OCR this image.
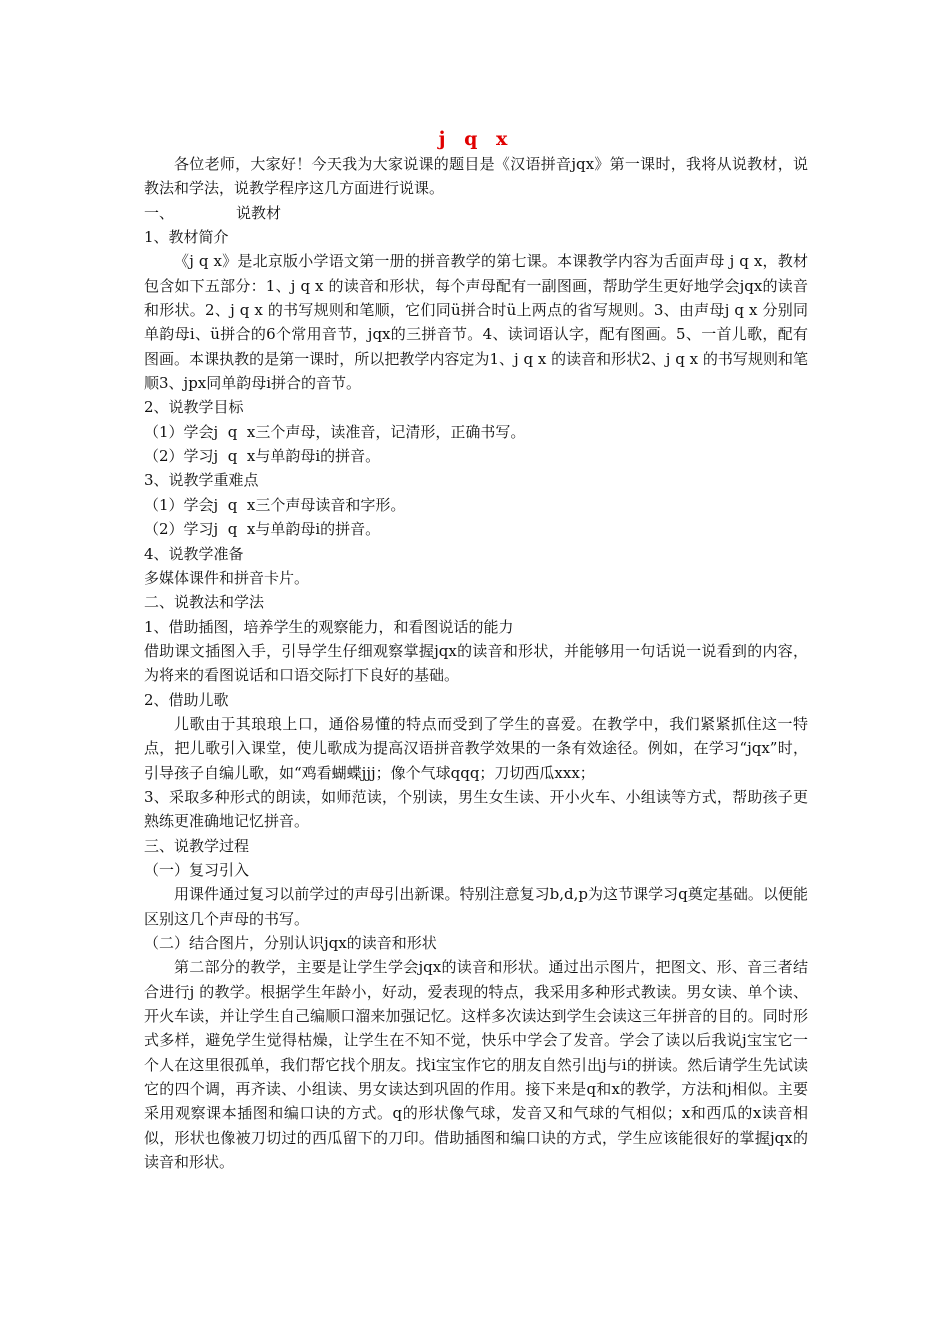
j q x

各位老师，大家好！今天我为大家说课的题目是《汉语拼音jqx》第一课时，我将从说教材，说教法和学法，说教学程序这几方面进行说课。

一、             说教材

1、教材简介

《j q x》是北京版小学语文第一册的拼音教学的第七课。本课教学内容为舌面声母 j q x，教材包含如下五部分：1、j q x 的读音和形状，每个声母配有一副图画，帮助学生更好地学会jqx的读音和形状。2、j q x 的书写规则和笔顺，它们同ü拼合时ü上两点的省写规则。3、由声母j q x 分别同单韵母i、ü拼合的6个常用音节，jqx的三拼音节。4、读词语认字，配有图画。5、一首儿歌，配有图画。本课执教的是第一课时，所以把教学内容定为1、j q x 的读音和形状2、j q x 的书写规则和笔顺3、jpx同单韵母i拼合的音节。

2、说教学目标

（1）学会j  q  x三个声母，读准音，记清形，正确书写。

（2）学习j  q  x与单韵母i的拼音。

3、说教学重难点

（1）学会j  q  x三个声母读音和字形。

（2）学习j  q  x与单韵母i的拼音。

4、说教学准备

多媒体课件和拼音卡片。

二、说教法和学法

1、借助插图，培养学生的观察能力，和看图说话的能力

借助课文插图入手，引导学生仔细观察掌握jqx的读音和形状，并能够用一句话说一说看到的内容，为将来的看图说话和口语交际打下良好的基础。

2、借助儿歌

儿歌由于其琅琅上口，通俗易懂的特点而受到了学生的喜爱。在教学中，我们紧紧抓住这一特点，把儿歌引入课堂，使儿歌成为提高汉语拼音教学效果的一条有效途径。例如，在学习“jqx”时，引导孩子自编儿歌，如“鸡看蝴蝶jjj；像个气球qqq；刀切西瓜xxx；

3、采取多种形式的朗读，如师范读，个别读，男生女生读、开小火车、小组读等方式，帮助孩子更熟练更准确地记忆拼音。

三、说教学过程

（一）复习引入

用课件通过复习以前学过的声母引出新课。特别注意复习b,d,p为这节课学习q奠定基础。以便能区别这几个声母的书写。

（二）结合图片，分别认识jqx的读音和形状

第二部分的教学，主要是让学生学会jqx的读音和形状。通过出示图片，把图文、形、音三者结合进行j 的教学。根据学生年龄小，好动，爱表现的特点，我采用多种形式教读。男女读、单个读、开火车读，并让学生自己编顺口溜来加强记忆。这样多次读达到学生会读这三年拼音的目的。同时形式多样，避免学生觉得枯燥，让学生在不知不觉，快乐中学会了发音。学会了读以后我说j宝宝它一个人在这里很孤单，我们帮它找个朋友。找i宝宝作它的朋友自然引出j与i的拼读。然后请学生先试读它的四个调，再齐读、小组读、男女读达到巩固的作用。接下来是q和x的教学，方法和j相似。主要采用观察课本插图和编口诀的方式。q的形状像气球，发音又和气球的气相似；x和西瓜的x读音相似，形状也像被刀切过的西瓜留下的刀印。借助插图和编口诀的方式，学生应该能很好的掌握jqx的读音和形状。
